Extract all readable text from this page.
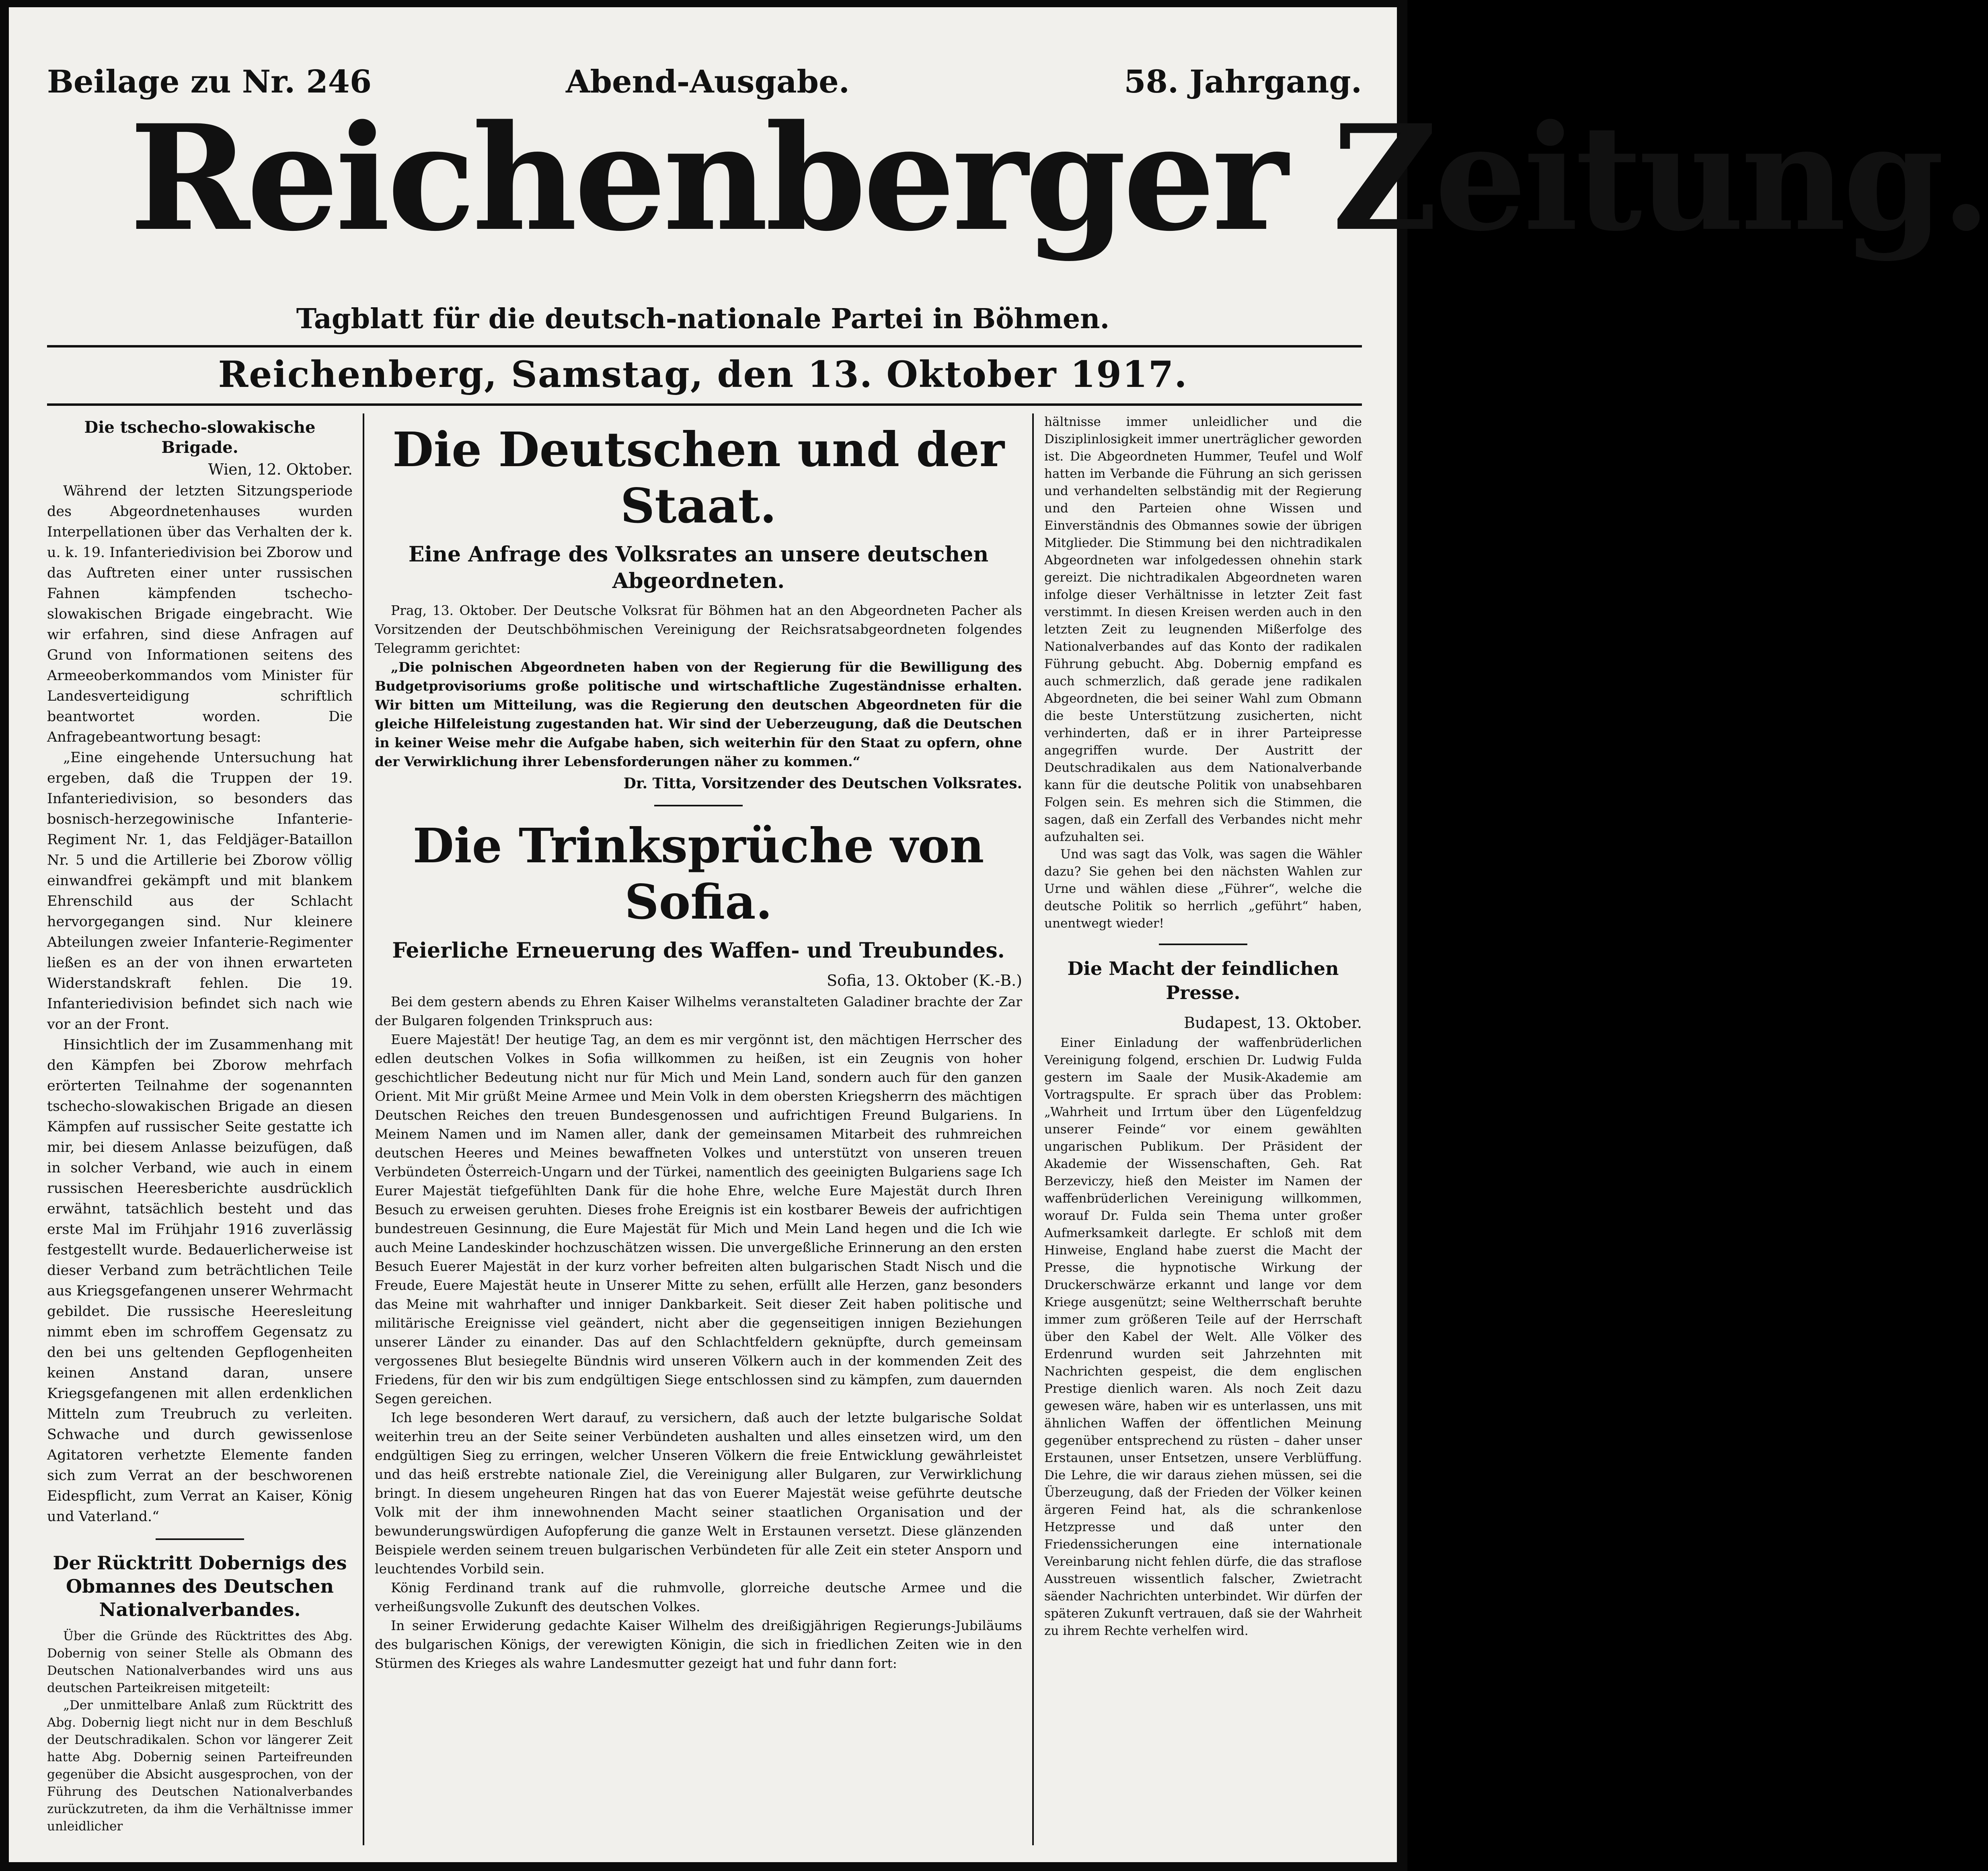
Beilage zu Nr. 246	Abend-Ausgabe.	58. Jahrgang.
Reichenberger Zeitung.
Tagblatt für die deutsch-nationale Partei in Böhmen.
Reichenberg, Samstag, den 13. Oktober 1917.
Die tschecho-slowakische Brigade.
Wien, 12. Oktober.

Während der letzten Sitzungsperiode des Abgeordnetenhauses wurden Interpellationen über das Verhalten der k. u. k. 19. Infanteriedivision bei Zborow und das Auftreten einer unter russischen Fahnen kämpfenden tschecho-slowakischen Brigade eingebracht. Wie wir erfahren, sind diese Anfragen auf Grund von Informationen seitens des Armeeoberkommandos vom Minister für Landesverteidigung schriftlich beantwortet worden. Die Anfragebeantwortung besagt:

„Eine eingehende Untersuchung hat ergeben, daß die Truppen der 19. Infanteriedivision, so besonders das bosnisch-herzegowinische Infanterie-Regiment Nr. 1, das Feldjäger-Bataillon Nr. 5 und die Artillerie bei Zborow völlig einwandfrei gekämpft und mit blankem Ehrenschild aus der Schlacht hervorgegangen sind. Nur kleinere Abteilungen zweier Infanterie-Regimenter ließen es an der von ihnen erwarteten Widerstandskraft fehlen. Die 19. Infanteriedivision befindet sich nach wie vor an der Front.

Hinsichtlich der im Zusammenhang mit den Kämpfen bei Zborow mehrfach erörterten Teilnahme der sogenannten tschecho-slowakischen Brigade an diesen Kämpfen auf russischer Seite gestatte ich mir, bei diesem Anlasse beizufügen, daß in solcher Verband, wie auch in einem russischen Heeresberichte ausdrücklich erwähnt, tatsächlich besteht und das erste Mal im Frühjahr 1916 zuverlässig festgestellt wurde. Bedauerlicherweise ist dieser Verband zum beträchtlichen Teile aus Kriegsgefangenen unserer Wehrmacht gebildet. Die russische Heeresleitung nimmt eben im schroffem Gegensatz zu den bei uns geltenden Gepflogenheiten keinen Anstand daran, unsere Kriegsgefangenen mit allen erdenklichen Mitteln zum Treubruch zu verleiten. Schwache und durch gewissenlose Agitatoren verhetzte Elemente fanden sich zum Verrat an der beschworenen Eidespflicht, zum Verrat an Kaiser, König und Vaterland.“

Der Rücktritt Dobernigs des Obmannes des Deutschen Nationalverbandes.

Über die Gründe des Rücktrittes des Abg. Dobernig von seiner Stelle als Obmann des Deutschen Nationalverbandes wird uns aus deutschen Parteikreisen mitgeteilt:

„Der unmittelbare Anlaß zum Rücktritt des Abg. Dobernig liegt nicht nur in dem Beschluß der Deutschradikalen. Schon vor längerer Zeit hatte Abg. Dobernig seinen Parteifreunden gegenüber die Absicht ausgesprochen, von der Führung des Deutschen Nationalverbandes zurückzutreten, da ihm die Verhältnisse immer unleidlicher

Die Deutschen und der Staat.
Eine Anfrage des Volksrates an unsere deutschen Abgeordneten.

Prag, 13. Oktober. Der Deutsche Volksrat für Böhmen hat an den Abgeordneten Pacher als Vorsitzenden der Deutschböhmischen Vereinigung der Reichsratsabgeordneten folgendes Telegramm gerichtet:

„Die polnischen Abgeordneten haben von der Regierung für die Bewilligung des Budgetprovisoriums große politische und wirtschaftliche Zugeständnisse erhalten. Wir bitten um Mitteilung, was die Regierung den deutschen Abgeordneten für die gleiche Hilfeleistung zugestanden hat. Wir sind der Ueberzeugung, daß die Deutschen in keiner Weise mehr die Aufgabe haben, sich weiterhin für den Staat zu opfern, ohne der Verwirklichung ihrer Lebensforderungen näher zu kommen.“

Dr. Titta, Vorsitzender des Deutschen Volksrates.
Die Trinksprüche von Sofia.
Feierliche Erneuerung des Waffen- und Treubundes.
Sofia, 13. Oktober (K.-B.)

Bei dem gestern abends zu Ehren Kaiser Wilhelms veranstalteten Galadiner brachte der Zar der Bulgaren folgenden Trinkspruch aus:

Euere Majestät! Der heutige Tag, an dem es mir vergönnt ist, den mächtigen Herrscher des edlen deutschen Volkes in Sofia willkommen zu heißen, ist ein Zeugnis von hoher geschichtlicher Bedeutung nicht nur für Mich und Mein Land, sondern auch für den ganzen Orient. Mit Mir grüßt Meine Armee und Mein Volk in dem obersten Kriegsherrn des mächtigen Deutschen Reiches den treuen Bundesgenossen und aufrichtigen Freund Bulgariens. In Meinem Namen und im Namen aller, dank der gemeinsamen Mitarbeit des ruhmreichen deutschen Heeres und Meines bewaffneten Volkes und unterstützt von unseren treuen Verbündeten Österreich-Ungarn und der Türkei, namentlich des geeinigten Bulgariens sage Ich Eurer Majestät tiefgefühlten Dank für die hohe Ehre, welche Eure Majestät durch Ihren Besuch zu erweisen geruhten. Dieses frohe Ereignis ist ein kostbarer Beweis der aufrichtigen bundestreuen Gesinnung, die Eure Majestät für Mich und Mein Land hegen und die Ich wie auch Meine Landeskinder hochzuschätzen wissen. Die unvergeßliche Erinnerung an den ersten Besuch Euerer Majestät in der kurz vorher befreiten alten bulgarischen Stadt Nisch und die Freude, Euere Majestät heute in Unserer Mitte zu sehen, erfüllt alle Herzen, ganz besonders das Meine mit wahrhafter und inniger Dankbarkeit. Seit dieser Zeit haben politische und militärische Ereignisse viel geändert, nicht aber die gegenseitigen innigen Beziehungen unserer Länder zu einander. Das auf den Schlachtfeldern geknüpfte, durch gemeinsam vergossenes Blut besiegelte Bündnis wird unseren Völkern auch in der kommenden Zeit des Friedens, für den wir bis zum endgültigen Siege entschlossen sind zu kämpfen, zum dauernden Segen gereichen.

Ich lege besonderen Wert darauf, zu versichern, daß auch der letzte bulgarische Soldat weiterhin treu an der Seite seiner Verbündeten aushalten und alles einsetzen wird, um den endgültigen Sieg zu erringen, welcher Unseren Völkern die freie Entwicklung gewährleistet und das heiß erstrebte nationale Ziel, die Vereinigung aller Bulgaren, zur Verwirklichung bringt. In diesem ungeheuren Ringen hat das von Euerer Majestät weise geführte deutsche Volk mit der ihm innewohnenden Macht seiner staatlichen Organisation und der bewunderungswürdigen Aufopferung die ganze Welt in Erstaunen versetzt. Diese glänzenden Beispiele werden seinem treuen bulgarischen Verbündeten für alle Zeit ein steter Ansporn und leuchtendes Vorbild sein.

König Ferdinand trank auf die ruhmvolle, glorreiche deutsche Armee und die verheißungsvolle Zukunft des deutschen Volkes.

In seiner Erwiderung gedachte Kaiser Wilhelm des dreißigjährigen Regierungs-Jubiläums des bulgarischen Königs, der verewigten Königin, die sich in friedlichen Zeiten wie in den Stürmen des Krieges als wahre Landesmutter gezeigt hat und fuhr dann fort:

hältnisse immer unleidlicher und die Disziplinlosigkeit immer unerträglicher geworden ist. Die Abgeordneten Hummer, Teufel und Wolf hatten im Verbande die Führung an sich gerissen und verhandelten selbständig mit der Regierung und den Parteien ohne Wissen und Einverständnis des Obmannes sowie der übrigen Mitglieder. Die Stimmung bei den nichtradikalen Abgeordneten war infolgedessen ohnehin stark gereizt. Die nichtradikalen Abgeordneten waren infolge dieser Verhältnisse in letzter Zeit fast verstimmt. In diesen Kreisen werden auch in den letzten Zeit zu leugnenden Mißerfolge des Nationalverbandes auf das Konto der radikalen Führung gebucht. Abg. Dobernig empfand es auch schmerzlich, daß gerade jene radikalen Abgeordneten, die bei seiner Wahl zum Obmann die beste Unterstützung zusicherten, nicht verhinderten, daß er in ihrer Parteipresse angegriffen wurde. Der Austritt der Deutschradikalen aus dem Nationalverbande kann für die deutsche Politik von unabsehbaren Folgen sein. Es mehren sich die Stimmen, die sagen, daß ein Zerfall des Verbandes nicht mehr aufzuhalten sei.

Und was sagt das Volk, was sagen die Wähler dazu? Sie gehen bei den nächsten Wahlen zur Urne und wählen diese „Führer“, welche die deutsche Politik so herrlich „geführt“ haben, unentwegt wieder!

Die Macht der feindlichen Presse.
Budapest, 13. Oktober.

Einer Einladung der waffenbrüderlichen Vereinigung folgend, erschien Dr. Ludwig Fulda gestern im Saale der Musik-Akademie am Vortragspulte. Er sprach über das Problem: „Wahrheit und Irrtum über den Lügenfeldzug unserer Feinde“ vor einem gewählten ungarischen Publikum. Der Präsident der Akademie der Wissenschaften, Geh. Rat Berzeviczy, hieß den Meister im Namen der waffenbrüderlichen Vereinigung willkommen, worauf Dr. Fulda sein Thema unter großer Aufmerksamkeit darlegte. Er schloß mit dem Hinweise, England habe zuerst die Macht der Presse, die hypnotische Wirkung der Druckerschwärze erkannt und lange vor dem Kriege ausgenützt; seine Weltherrschaft beruhte immer zum größeren Teile auf der Herrschaft über den Kabel der Welt. Alle Völker des Erdenrund wurden seit Jahrzehnten mit Nachrichten gespeist, die dem englischen Prestige dienlich waren. Als noch Zeit dazu gewesen wäre, haben wir es unterlassen, uns mit ähnlichen Waffen der öffentlichen Meinung gegenüber entsprechend zu rüsten – daher unser Erstaunen, unser Entsetzen, unsere Verblüffung. Die Lehre, die wir daraus ziehen müssen, sei die Überzeugung, daß der Frieden der Völker keinen ärgeren Feind hat, als die schrankenlose Hetzpresse und daß unter den Friedenssicherungen eine internationale Vereinbarung nicht fehlen dürfe, die das straflose Ausstreuen wissentlich falscher, Zwietracht säender Nachrichten unterbindet. Wir dürfen der späteren Zukunft vertrauen, daß sie der Wahrheit zu ihrem Rechte verhelfen wird.
